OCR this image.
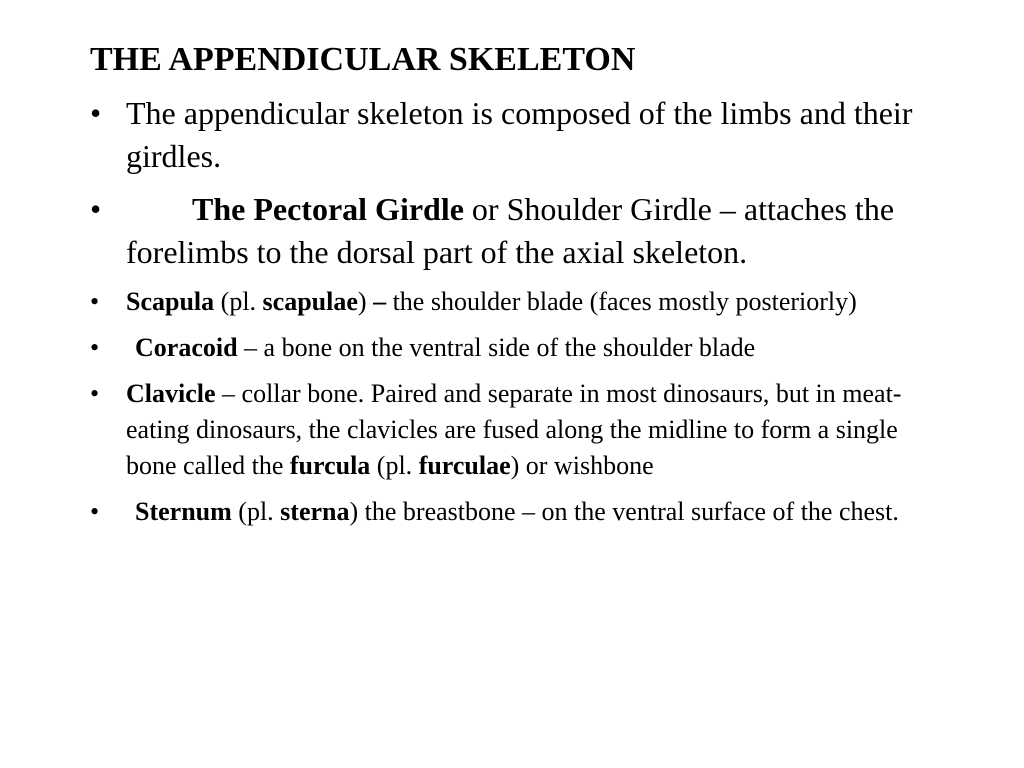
THE APPENDICULAR SKELETON
• The appendicular skeleton is composed of the limbs and their girdles.
•	The Pectoral Girdle or Shoulder Girdle – attaches the forelimbs to the dorsal part of the axial skeleton.
• Scapula (pl. scapulae) – the shoulder blade (faces mostly posteriorly)
• Coracoid – a bone on the ventral side of the shoulder blade
• Clavicle – collar bone. Paired and separate in most dinosaurs, but in meat-eating dinosaurs, the clavicles are fused along the midline to form a single bone called the furcula (pl. furculae) or wishbone
• Sternum (pl. sterna) the breastbone – on the ventral surface of the chest.
